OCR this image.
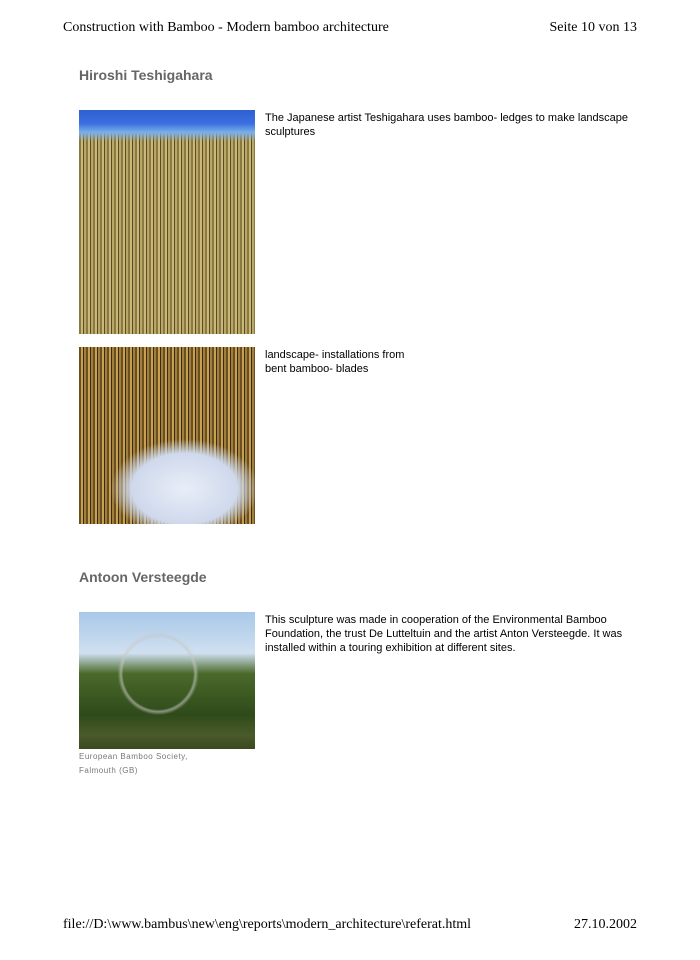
Construction with Bamboo - Modern bamboo architecture	Seite 10 von 13
Hiroshi Teshigahara
The Japanese artist Teshigahara uses bamboo- ledges to make landscape
sculptures
landscape- installations from
bent bamboo- blades
Antoon Versteegde
This sculpture was made in cooperation of the Environmental Bamboo
Foundation, the trust De Lutteltuin and the artist Anton Versteegde. It was
installed within a touring exhibition at different sites.
European Bamboo Society,
Falmouth (GB)
file://D:\www.bambus\new\eng\reports\modern_architecture\referat.html	27.10.2002
